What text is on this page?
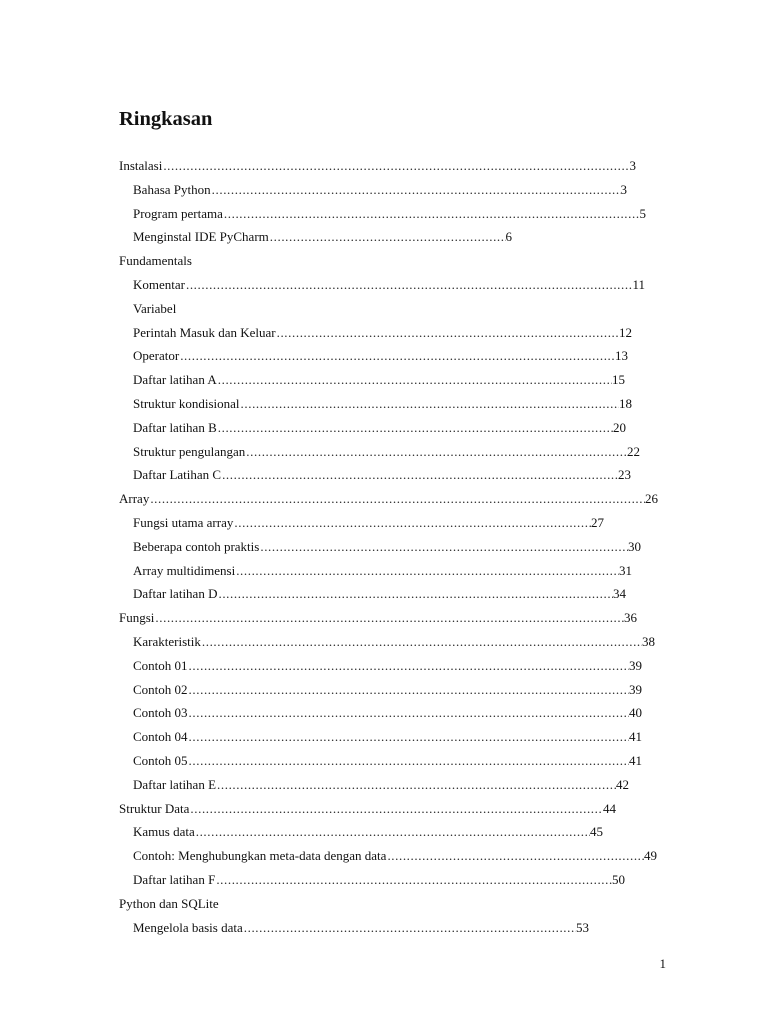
Ringkasan
Instalasi .....	3
Bahasa Python .....	3
Program pertama .....	5
Menginstal IDE PyCharm .....	6
Fundamentals
Komentar .....	11
Variabel
Perintah Masuk dan Keluar .....	12
Operator .....	13
Daftar latihan A .....	15
Struktur kondisional .....	18
Daftar latihan B .....	20
Struktur pengulangan .....	22
Daftar Latihan C .....	23
Array .....	26
Fungsi utama array .....	27
Beberapa contoh praktis .....	30
Array multidimensi .....	31
Daftar latihan D .....	34
Fungsi .....	36
Karakteristik .....	38
Contoh 01 .....	39
Contoh 02 .....	39
Contoh 03 .....	40
Contoh 04 .....	41
Contoh 05 .....	41
Daftar latihan E .....	42
Struktur Data .....	44
Kamus data .....	45
Contoh: Menghubungkan meta-data dengan data .....	49
Daftar latihan F .....	50
Python dan SQLite
Mengelola basis data .....	53
1
